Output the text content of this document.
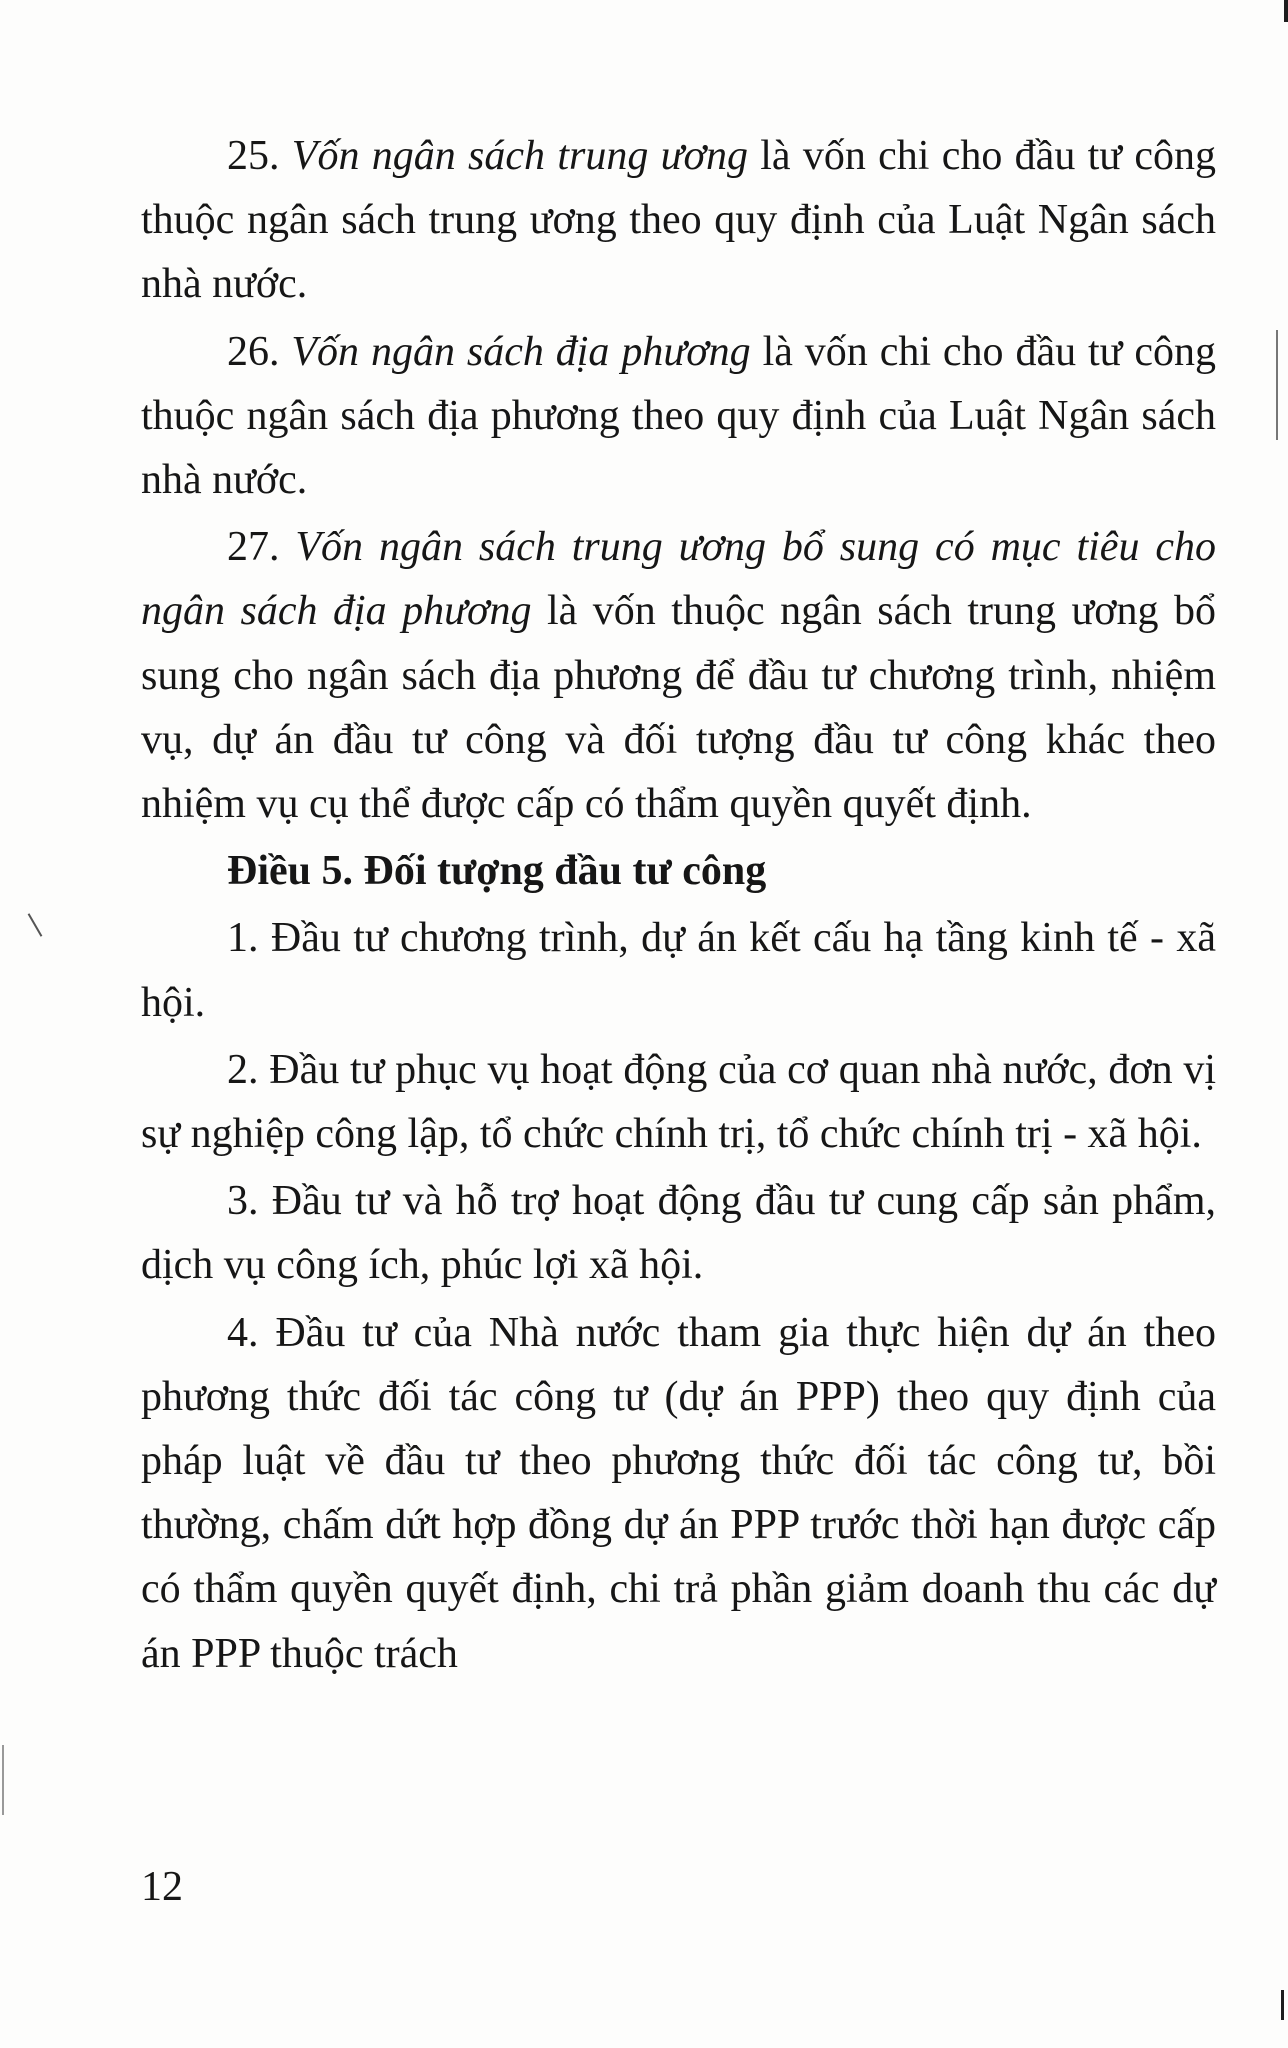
25. Vốn ngân sách trung ương là vốn chi cho đầu tư công thuộc ngân sách trung ương theo quy định của Luật Ngân sách nhà nước.

26. Vốn ngân sách địa phương là vốn chi cho đầu tư công thuộc ngân sách địa phương theo quy định của Luật Ngân sách nhà nước.

27. Vốn ngân sách trung ương bổ sung có mục tiêu cho ngân sách địa phương là vốn thuộc ngân sách trung ương bổ sung cho ngân sách địa phương để đầu tư chương trình, nhiệm vụ, dự án đầu tư công và đối tượng đầu tư công khác theo nhiệm vụ cụ thể được cấp có thẩm quyền quyết định.

Điều 5. Đối tượng đầu tư công

1. Đầu tư chương trình, dự án kết cấu hạ tầng kinh tế - xã hội.

2. Đầu tư phục vụ hoạt động của cơ quan nhà nước, đơn vị sự nghiệp công lập, tổ chức chính trị, tổ chức chính trị - xã hội.

3. Đầu tư và hỗ trợ hoạt động đầu tư cung cấp sản phẩm, dịch vụ công ích, phúc lợi xã hội.

4. Đầu tư của Nhà nước tham gia thực hiện dự án theo phương thức đối tác công tư (dự án PPP) theo quy định của pháp luật về đầu tư theo phương thức đối tác công tư, bồi thường, chấm dứt hợp đồng dự án PPP trước thời hạn được cấp có thẩm quyền quyết định, chi trả phần giảm doanh thu các dự án PPP thuộc trách

12
